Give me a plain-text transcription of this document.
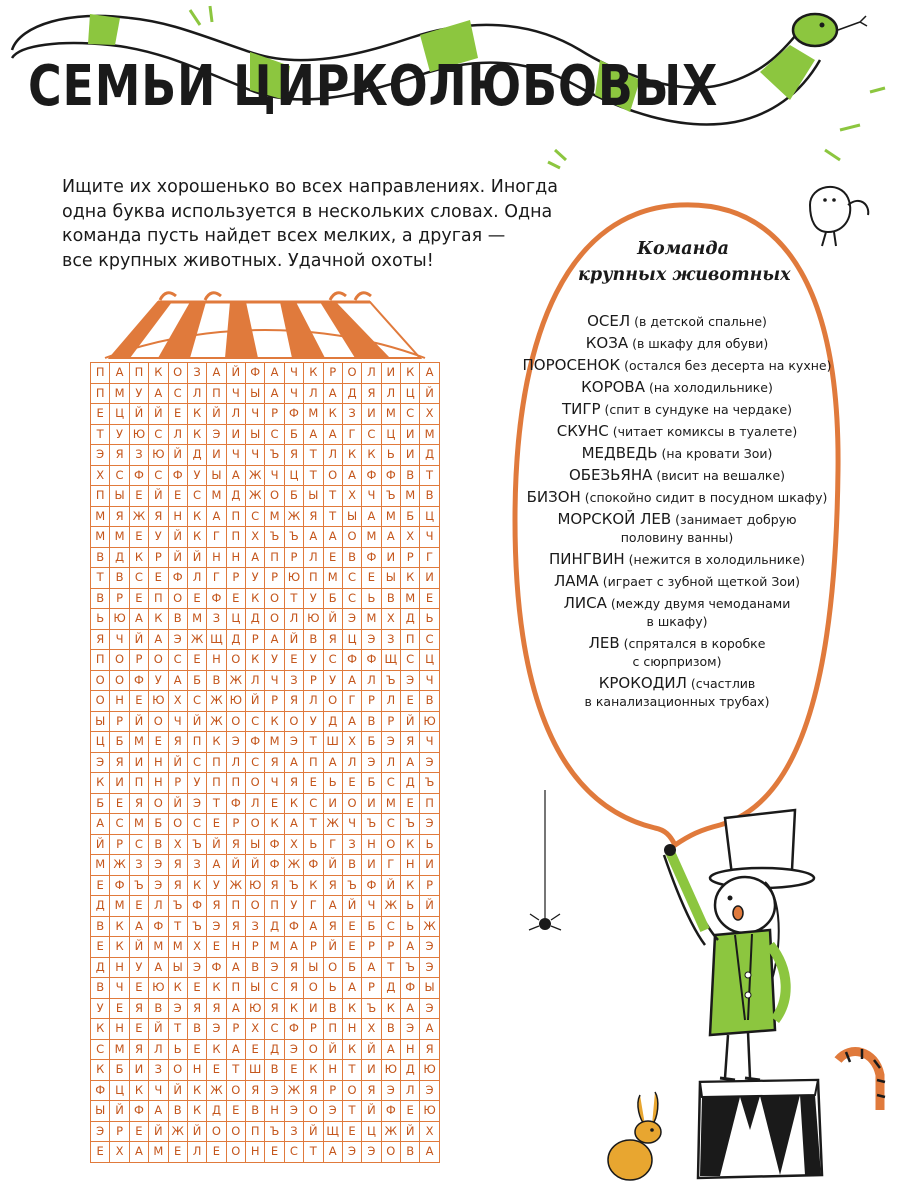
СЕМЬИ ЦИРКОЛЮБОВЫХ
Ищите их хорошенько во всех направлениях. Иногда
одна буква используется в нескольких словах. Одна
команда пусть найдет всех мелких, а другая —
все крупных животных. Удачной охоты!
П А П К О З	А Й Ф А Ч К	Р О Л И К А
П М У	А С Л П Ч Ы А Ч Л А Д Я Л Ц Й
Е Ц Й Й Е	К Й Л Ч	Р Ф М К	З И М С Х
Т	У Ю С Л К Э И Ы С Б	А	А	Г	С Ц И М
Э Я	З Ю Й Д И Ч Ч Ъ Я	Т	Л К К Ь И Д
Х С Ф С Ф У Ы А Ж Ч Ц Т О А Ф Ф В	Т
П Ы Е Й Е	С М Д Ж О Б Ы Т	Х Ч Ъ М В
М Я Ж Я Н К А П С М Ж Я	Т Ы А М Б Ц
М М Е	У	Й К	Г	П Х Ъ Ъ А	А О М А Х Ч
В Д К	Р	Й Й Н Н А П	Р	Л Е	В Ф И	Р	Г
Т	В С	Е Ф Л	Г	Р	У	Р Ю П М С	Е Ы К И
В	Р	Е П О Е Ф Е	К О Т	У	Б С Ь В М Е
Ь Ю А К В М З Ц Д О Л Ю Й Э М Х Д Ь
Я Ч Й А Э Ж Щ Д Р	А Й В Я Ц Э	З П С
П О Р О С	Е Н О К	У	Е	У	С Ф Ф Щ С Ц
О О Ф У	А Б В Ж Л Ч	З	Р	У	А Л Ъ Э Ч
О Н Е Ю Х С Ж Ю Й	Р	Я Л О Г	Р	Л Е	В
Ы Р	Й О Ч Й Ж О С К О У Д А В	Р	Й Ю
Ц Б М Е	Я П К Э Ф М Э	Т Ш Х Б Э Я Ч
Э Я И Н Й С П Л С Я А П А Л Э Л А Э
К И П Н	Р	У	П П О Ч Я	Е	Ь	Е	Б С Д Ъ
Б	Е	Я О Й Э	Т Ф Л Е	К С И О И М Е П
А С М Б О С	Е	Р О К А	Т Ж Ч Ъ С Ъ Э
Й	Р	С В Х Ъ Й Я Ы Ф Х Ь	Г	З Н О К Ь
М Ж З	Э Я	З	А Й Й Ф Ж Ф Й В И	Г	Н И
Е Ф Ъ Э Я К	У Ж Ю Я Ъ К Я Ъ Ф Й К	Р
Д М Е Л Ъ Ф Я П О П	У	Г	А Й Ч Ж Ь Й
В К А Ф Т Ъ Э Я	З Д Ф А Я	Е	Б С Ь Ж
Е	К Й М М Х	Е Н	Р М А	Р	Й Е	Р	Р	А Э
Д Н	У	А Ы Э Ф А В Э Я Ы О Б	А	Т Ъ Э
В Ч	Е Ю К	Е	К П Ы С Я О Ь	А	Р Д Ф Ы
У	Е	Я В Э Я Я А Ю Я К И В К Ъ К А Э
К Н Е Й	Т	В Э	Р	Х С Ф Р	П Н Х В Э А
С М Я Л Ь	Е	К А	Е Д Э О Й К Й А Н Я
К Б И З О Н Е	Т Ш В	Е	К Н	Т	И Ю Д Ю
Ф Ц К Ч Й К Ж О Я Э Ж Я	Р О Я Э Л Э
Ы Й Ф А В К Д Е	В Н Э О Э	Т	Й Ф Е Ю
Э	Р	Е Й Ж Й О О П Ъ З Й Щ Е Ц Ж Й Х
Е	Х	А М Е Л Е О Н Е	С	Т	А Э Э О В	А
Команда
крупных животных
ОСЕЛ (в детской спальне)
КОЗА (в шкафу для обуви)
ПОРОСЕНОК (остался без десерта на кухне)
КОРОВА (на холодильнике)
ТИГР (спит в сундуке на чердаке)
СКУНС (читает комиксы в туалете)
МЕДВЕДЬ (на кровати Зои)
ОБЕЗЬЯНА (висит на вешалке)
БИЗОН (спокойно сидит в посудном шкафу)
МОРСКОЙ ЛЕВ (занимает добрую
половину ванны)
ПИНГВИН (нежится в холодильнике)
ЛАМА (играет с зубной щеткой Зои)
ЛИСА (между двумя чемоданами
в шкафу)
ЛЕВ (спрятался в коробке
с сюрпризом)
КРОКОДИЛ (счастлив
в канализационных трубах)
